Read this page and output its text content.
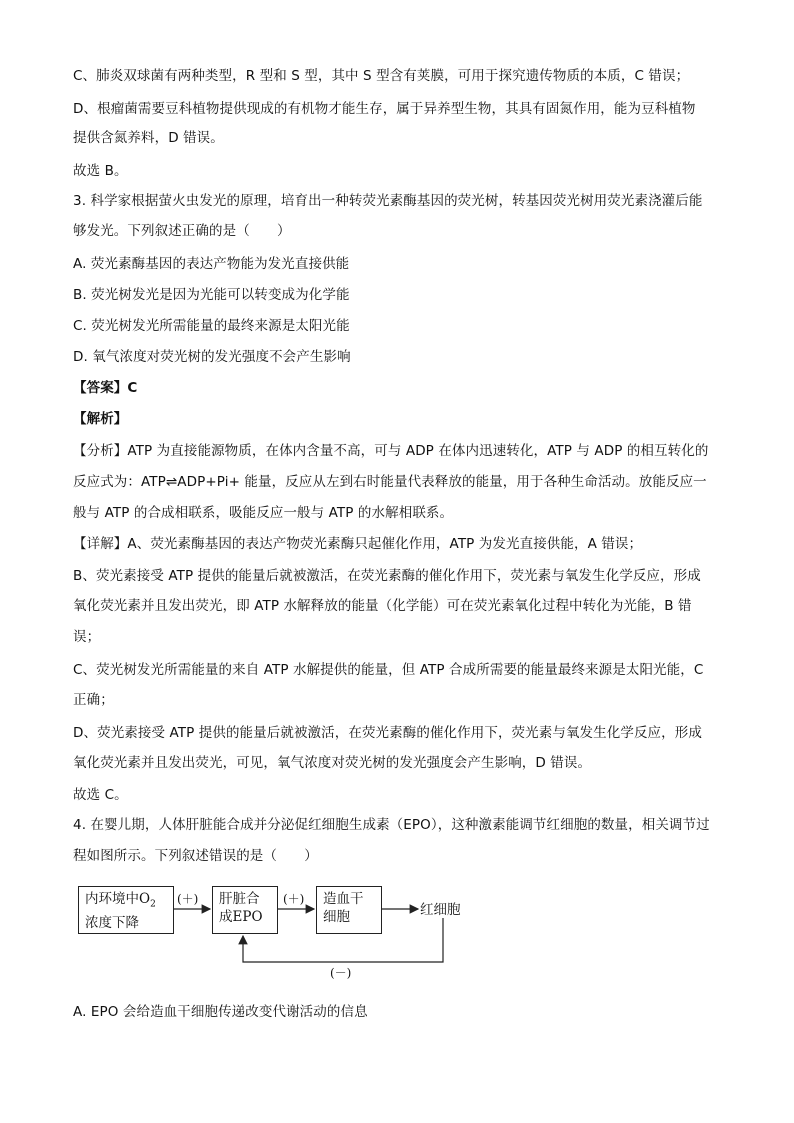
C、肺炎双球菌有两种类型，R 型和 S 型，其中 S 型含有荚膜，可用于探究遗传物质的本质，C 错误；
D、根瘤菌需要豆科植物提供现成的有机物才能生存，属于异养型生物，其具有固氮作用，能为豆科植物
提供含氮养料，D 错误。
故选 B。
3. 科学家根据萤火虫发光的原理，培育出一种转荧光素酶基因的荧光树，转基因荧光树用荧光素浇灌后能
够发光。下列叙述正确的是（　　）
A. 荧光素酶基因的表达产物能为发光直接供能
B. 荧光树发光是因为光能可以转变成为化学能
C. 荧光树发光所需能量的最终来源是太阳光能
D. 氧气浓度对荧光树的发光强度不会产生影响
【答案】C
【解析】
【分析】ATP 为直接能源物质，在体内含量不高，可与 ADP 在体内迅速转化，ATP 与 ADP 的相互转化的
反应式为：ATP⇌ADP+Pi+ 能量，反应从左到右时能量代表释放的能量，用于各种生命活动。放能反应一
般与 ATP 的合成相联系，吸能反应一般与 ATP 的水解相联系。
【详解】A、荧光素酶基因的表达产物荧光素酶只起催化作用，ATP 为发光直接供能，A 错误；
B、荧光素接受 ATP 提供的能量后就被激活，在荧光素酶的催化作用下，荧光素与氧发生化学反应，形成
氧化荧光素并且发出荧光，即 ATP 水解释放的能量（化学能）可在荧光素氧化过程中转化为光能，B 错
误；
C、荧光树发光所需能量的来自 ATP 水解提供的能量，但 ATP 合成所需要的能量最终来源是太阳光能，C
正确；
D、荧光素接受 ATP 提供的能量后就被激活，在荧光素酶的催化作用下，荧光素与氧发生化学反应，形成
氧化荧光素并且发出荧光，可见，氧气浓度对荧光树的发光强度会产生影响，D 错误。
故选 C。
4. 在婴儿期，人体肝脏能合成并分泌促红细胞生成素（EPO），这种激素能调节红细胞的数量，相关调节过
程如图所示。下列叙述错误的是（　　）
内环境中$O_2$
浓度下降
(＋) 肝脏合
成EPO
(＋) 造血干
细胞	红细胞
(－)
A. EPO 会给造血干细胞传递改变代谢活动的信息
